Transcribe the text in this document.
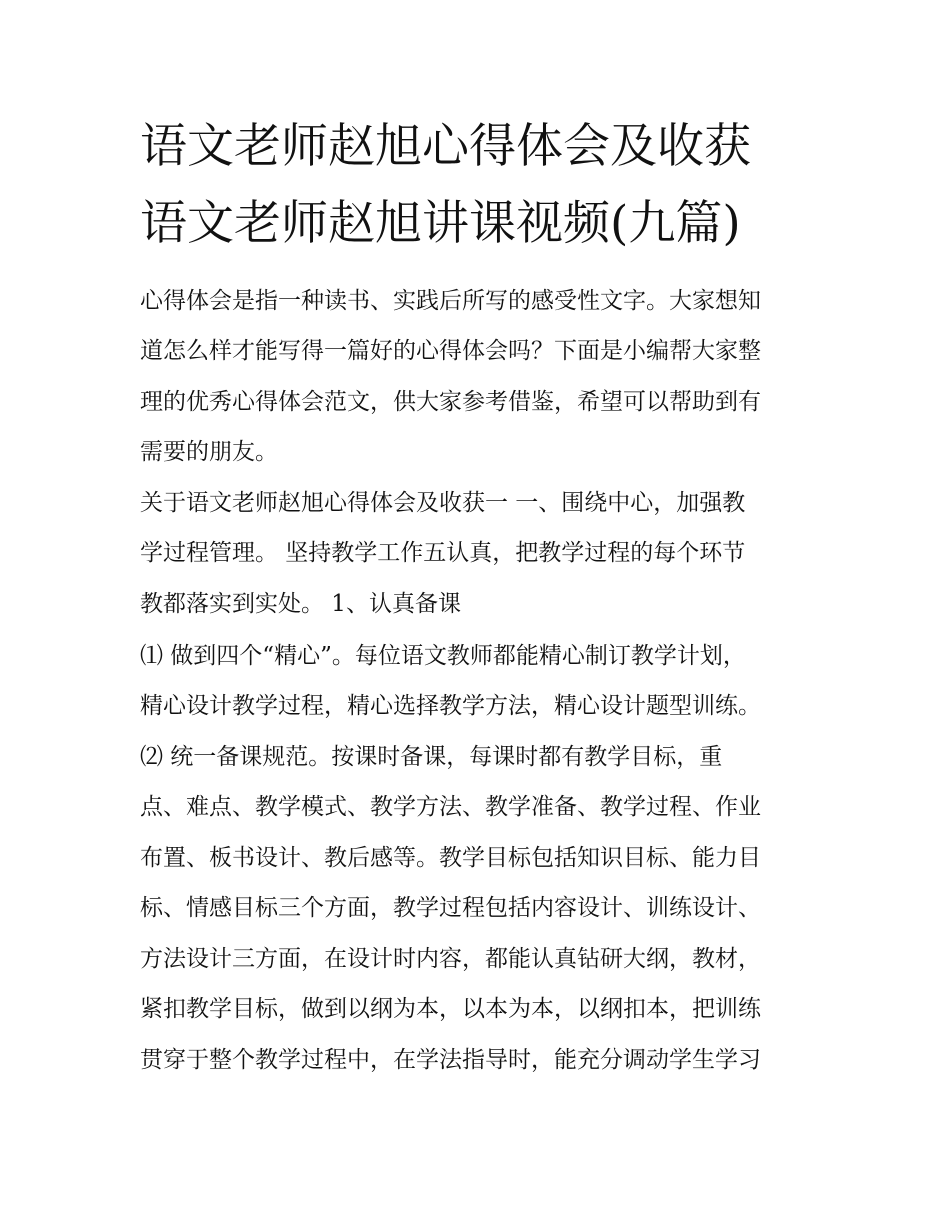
语文老师赵旭心得体会及收获
语文老师赵旭讲课视频(九篇)

心得体会是指一种读书、实践后所写的感受性文字。大家想知

道怎么样才能写得一篇好的心得体会吗？下面是小编帮大家整

理的优秀心得体会范文，供大家参考借鉴，希望可以帮助到有

需要的朋友。

关于语文老师赵旭心得体会及收获一 一、围绕中心，加强教

学过程管理。 坚持教学工作五认真，把教学过程的每个环节

教都落实到实处。 1、认真备课

⑴ 做到四个“精心”。每位语文教师都能精心制订教学计划，

精心设计教学过程，精心选择教学方法，精心设计题型训练。

⑵ 统一备课规范。按课时备课，每课时都有教学目标，重

点、难点、教学模式、教学方法、教学准备、教学过程、作业

布置、板书设计、教后感等。教学目标包括知识目标、能力目

标、情感目标三个方面，教学过程包括内容设计、训练设计、

方法设计三方面，在设计时内容，都能认真钻研大纲，教材，

紧扣教学目标，做到以纲为本，以本为本，以纲扣本，把训练

贯穿于整个教学过程中，在学法指导时，能充分调动学生学习
